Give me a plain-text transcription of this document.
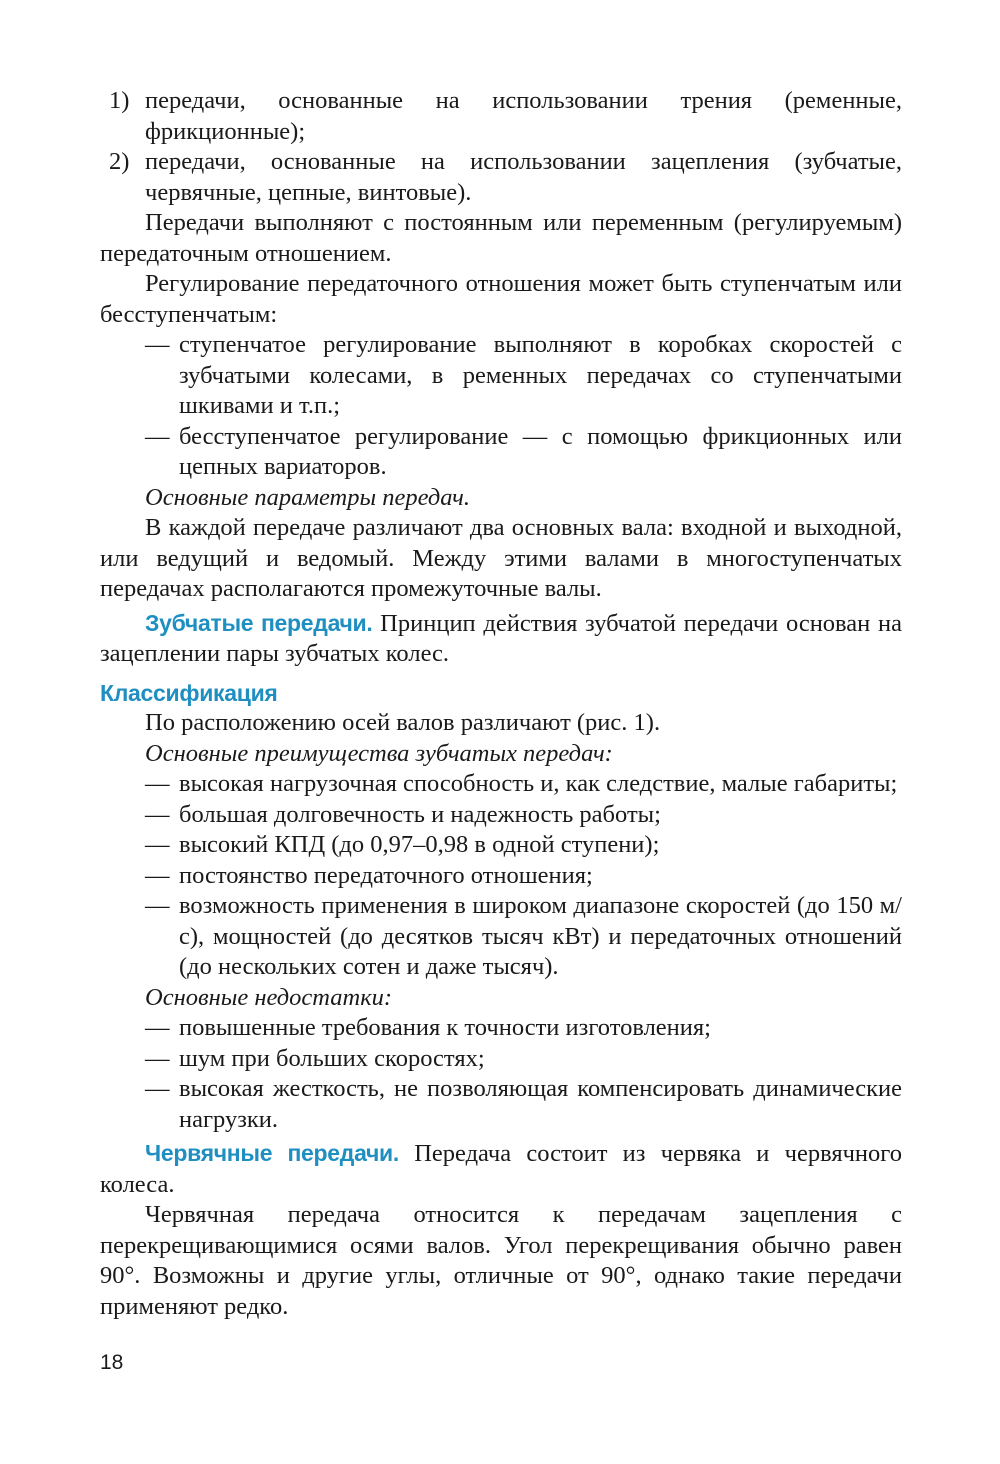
1) передачи, основанные на использовании трения (ременные, фрикционные);

2) передачи, основанные на использовании зацепления (зубчатые, червячные, цепные, винтовые).

Передачи выполняют с постоянным или переменным (регулируемым) передаточным отношением.

Регулирование передаточного отношения может быть ступенчатым или бесступенчатым:

— ступенчатое регулирование выполняют в коробках скоростей с зубчатыми колесами, в ременных передачах со ступенчатыми шкивами и т.п.;

— бесступенчатое регулирование — с помощью фрикционных или цепных вариаторов.

Основные параметры передач.

В каждой передаче различают два основных вала: входной и выходной, или ведущий и ведомый. Между этими валами в многоступенчатых передачах располагаются промежуточные валы.

Зубчатые передачи. Принцип действия зубчатой передачи основан на зацеплении пары зубчатых колес.

Классификация

По расположению осей валов различают (рис. 1).

Основные преимущества зубчатых передач:

— высокая нагрузочная способность и, как следствие, малые габариты;

— большая долговечность и надежность работы;

— высокий КПД (до 0,97–0,98 в одной ступени);

— постоянство передаточного отношения;

— возможность применения в широком диапазоне скоростей (до 150 м/с), мощностей (до десятков тысяч кВт) и передаточных отношений (до нескольких сотен и даже тысяч).

Основные недостатки:

— повышенные требования к точности изготовления;

— шум при больших скоростях;

— высокая жесткость, не позволяющая компенсировать динамические нагрузки.

Червячные передачи. Передача состоит из червяка и червячного колеса.

Червячная передача относится к передачам зацепления с перекрещивающимися осями валов. Угол перекрещивания обычно равен 90°. Возможны и другие углы, отличные от 90°, однако такие передачи применяют редко.

18
